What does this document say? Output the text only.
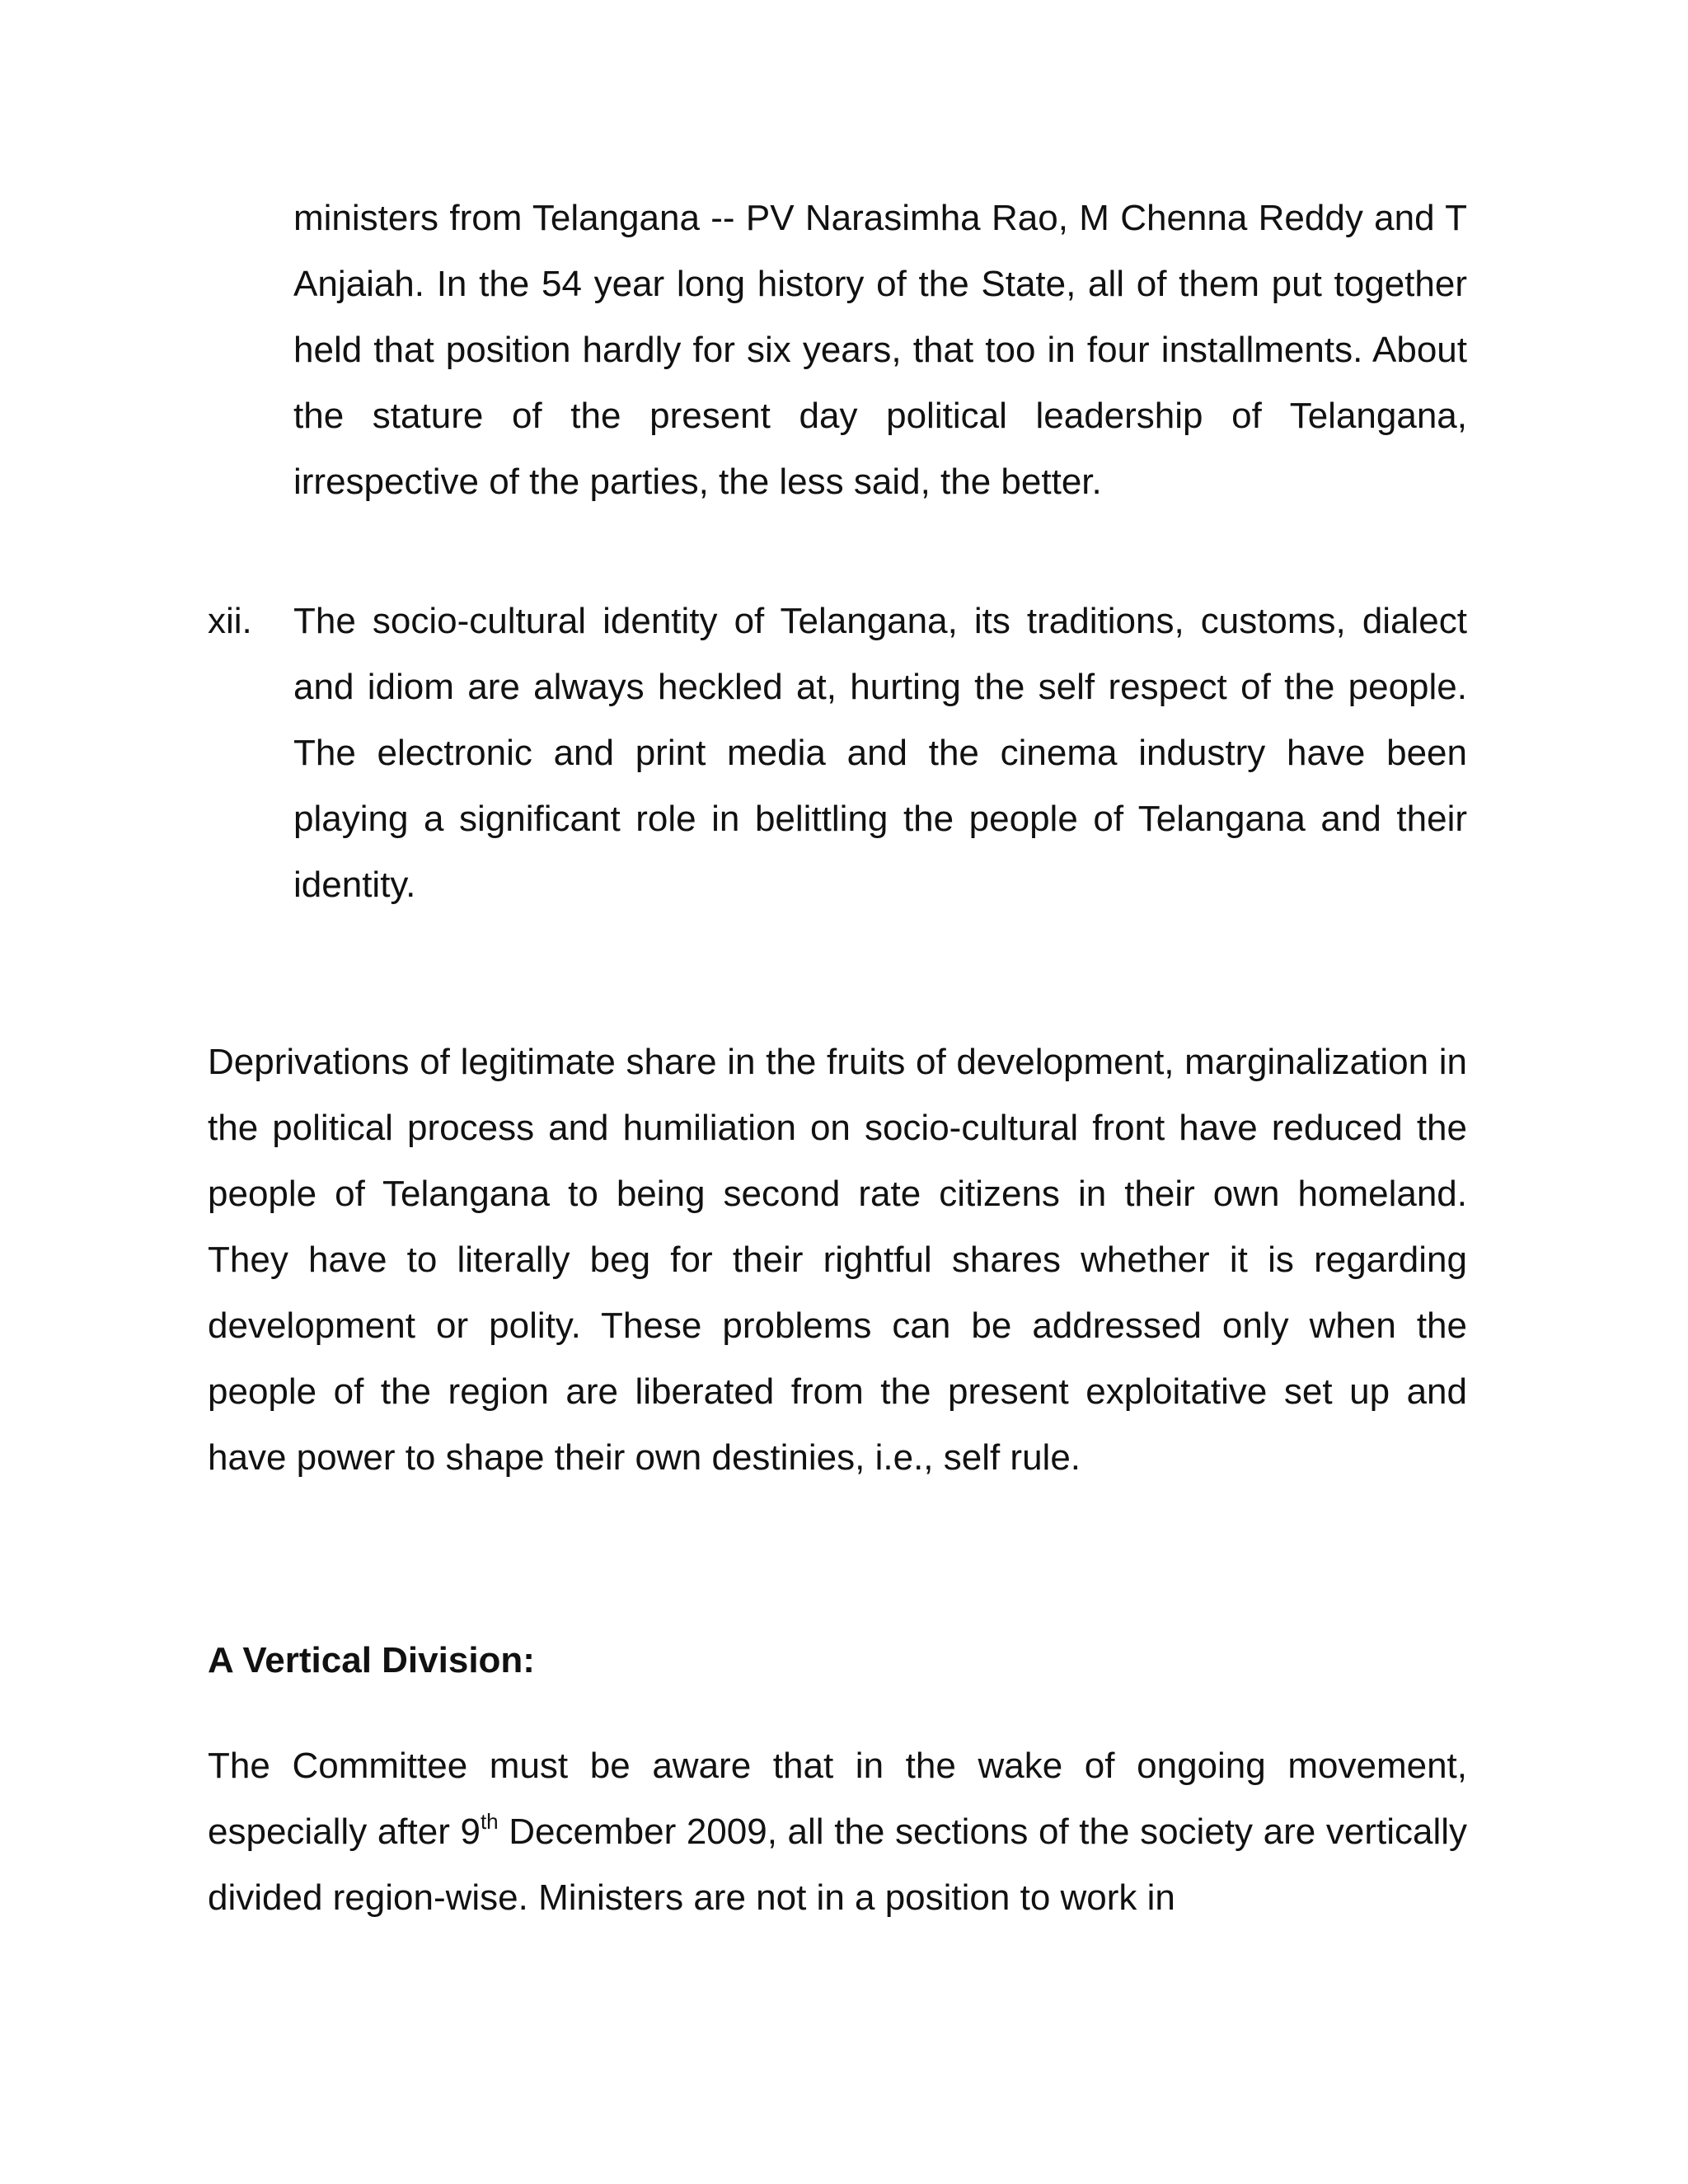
ministers from Telangana -- PV Narasimha Rao, M Chenna Reddy and T Anjaiah. In the 54 year long history of the State, all of them put together held that position hardly for six years, that too in four installments. About the stature of the present day political leadership of Telangana, irrespective of the parties, the less said, the better.

xii. The socio-cultural identity of Telangana, its traditions, customs, dialect and idiom are always heckled at, hurting the self respect of the people. The electronic and print media and the cinema industry have been playing a significant role in belittling the people of Telangana and their identity.

Deprivations of legitimate share in the fruits of development, marginalization in the political process and humiliation on socio-cultural front have reduced the people of Telangana to being second rate citizens in their own homeland. They have to literally beg for their rightful shares whether it is regarding development or polity. These problems can be addressed only when the people of the region are liberated from the present exploitative set up and have power to shape their own destinies, i.e., self rule.

A Vertical Division:

The Committee must be aware that in the wake of ongoing movement, especially after 9th December 2009, all the sections of the society are vertically divided region-wise. Ministers are not in a position to work in
